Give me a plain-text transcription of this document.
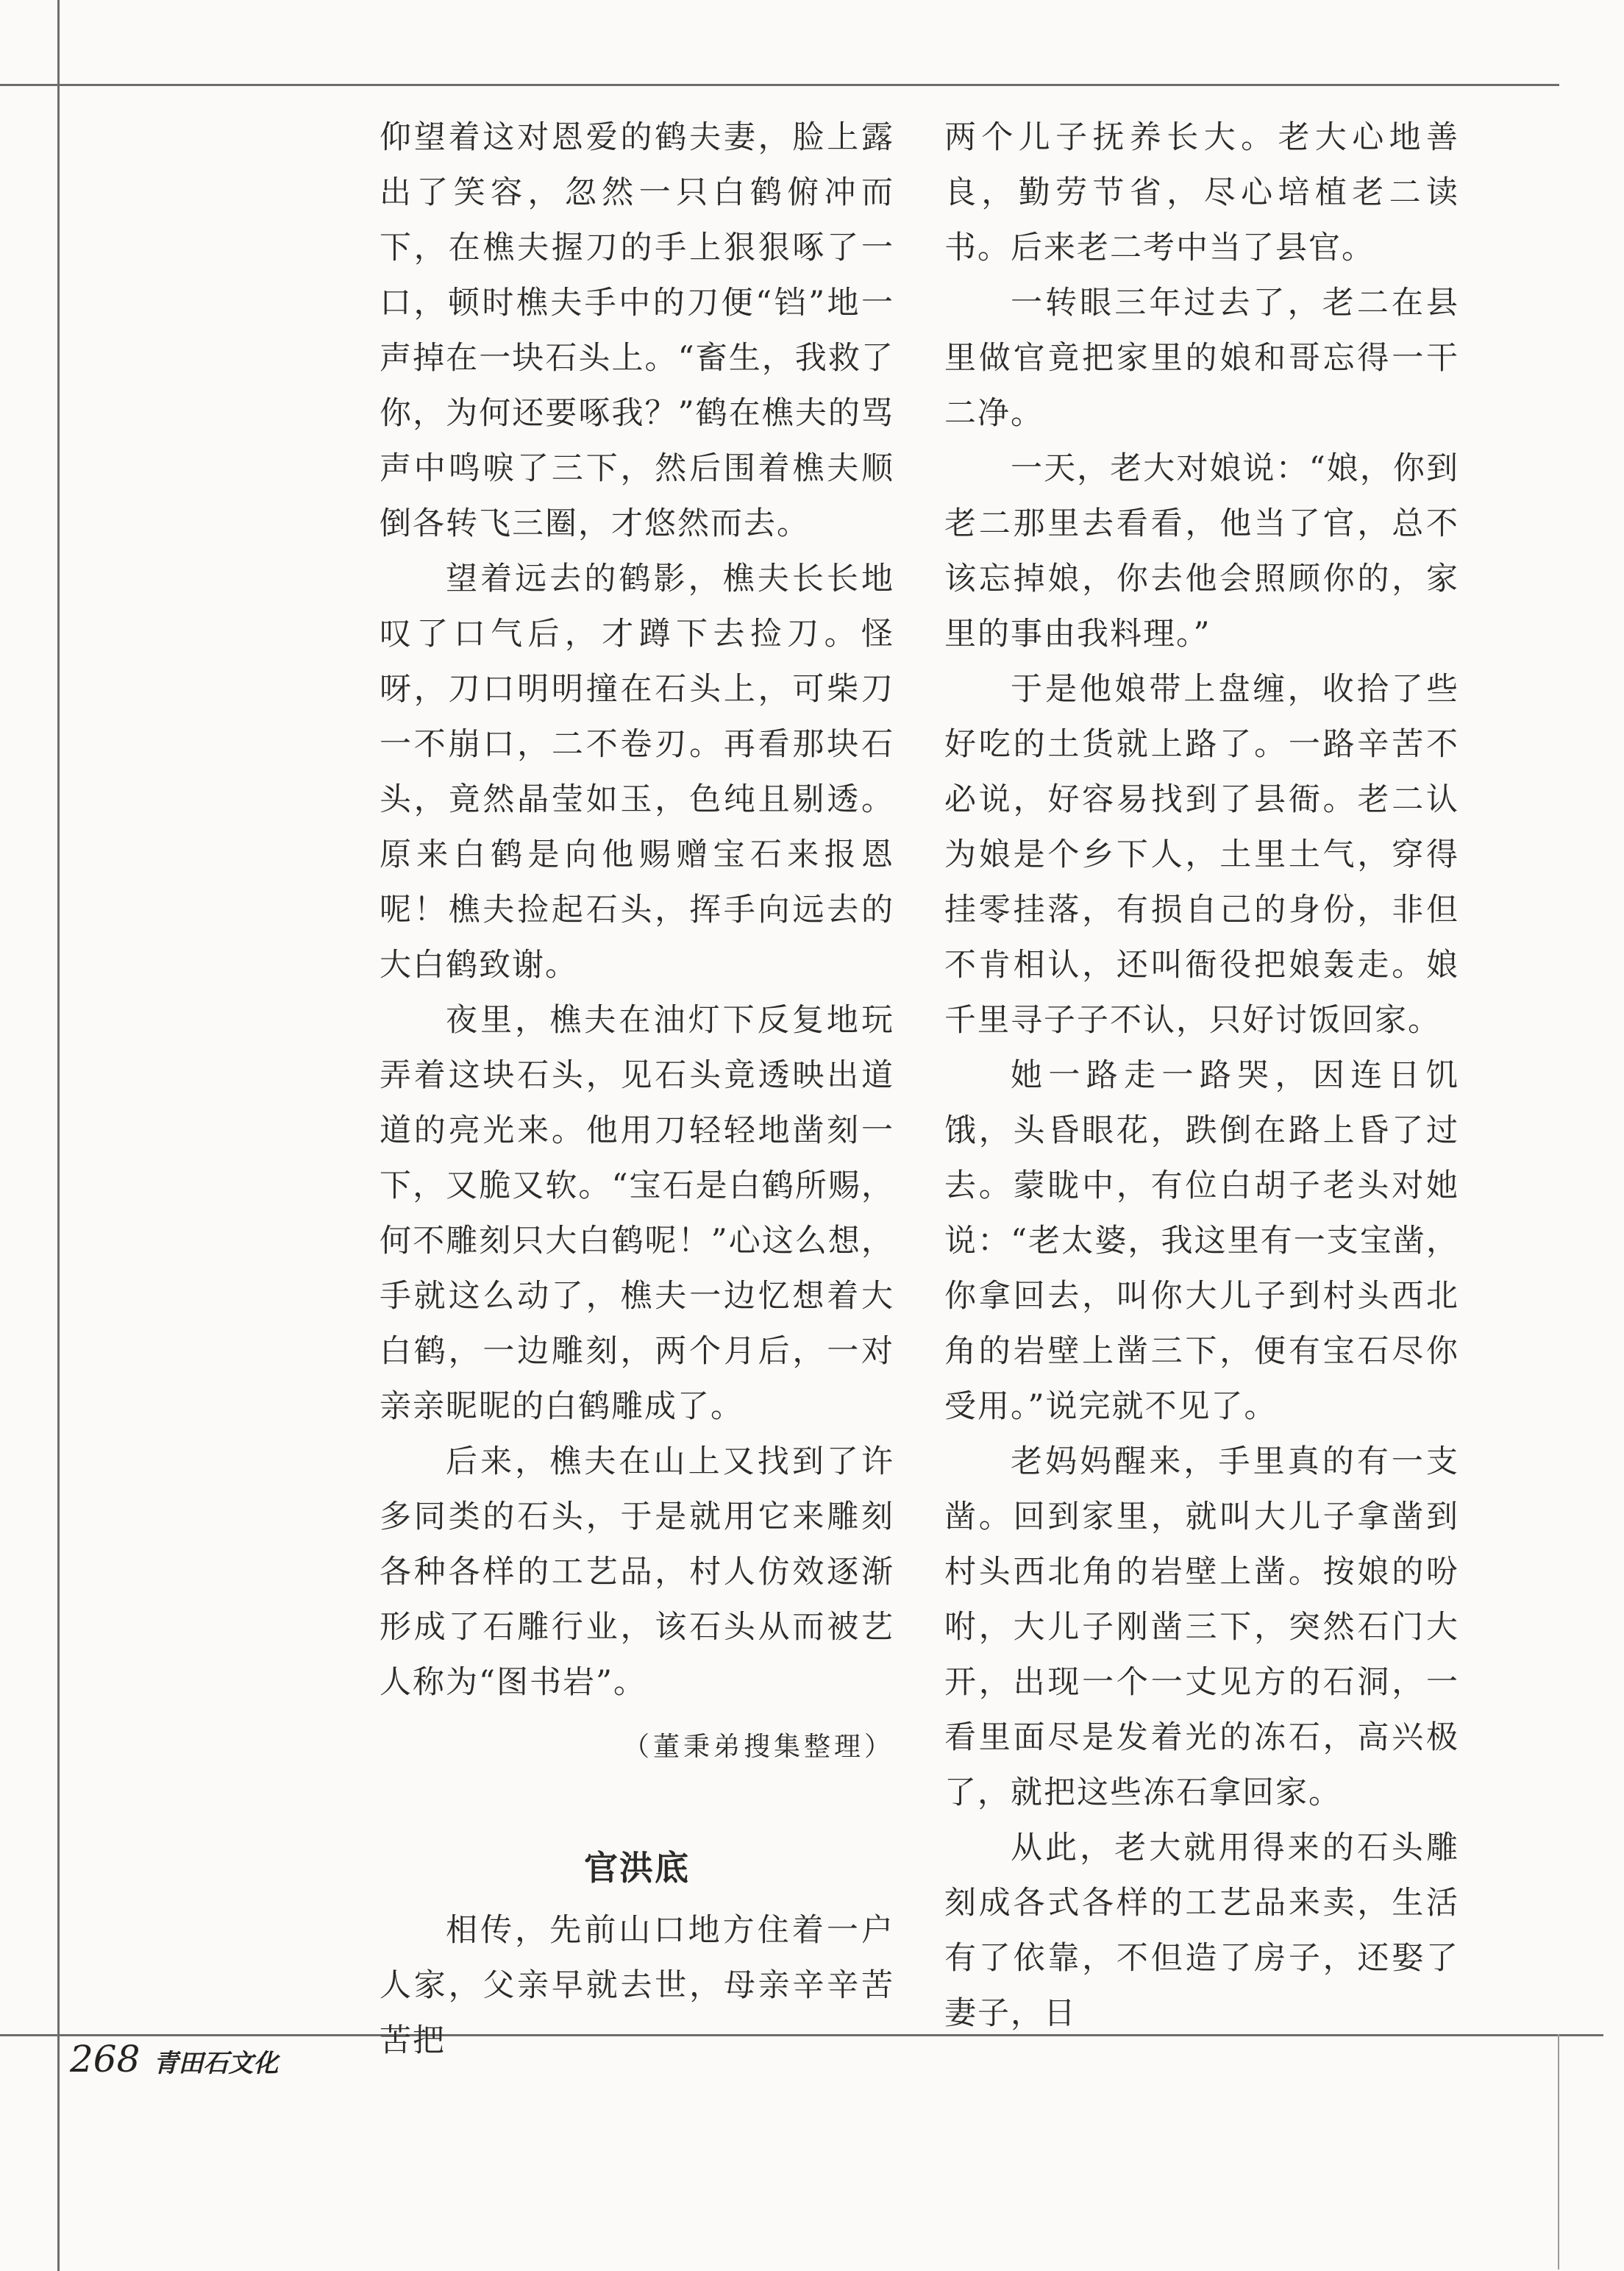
仰望着这对恩爱的鹤夫妻，脸上露出了笑容，忽然一只白鹤俯冲而下，在樵夫握刀的手上狠狠啄了一口，顿时樵夫手中的刀便“铛”地一声掉在一块石头上。“畜生，我救了你，为何还要啄我？”鹤在樵夫的骂声中鸣唳了三下，然后围着樵夫顺倒各转飞三圈，才悠然而去。

望着远去的鹤影，樵夫长长地叹了口气后，才蹲下去捡刀。怪呀，刀口明明撞在石头上，可柴刀一不崩口，二不卷刃。再看那块石头，竟然晶莹如玉，色纯且剔透。原来白鹤是向他赐赠宝石来报恩呢！樵夫捡起石头，挥手向远去的大白鹤致谢。

夜里，樵夫在油灯下反复地玩弄着这块石头，见石头竟透映出道道的亮光来。他用刀轻轻地凿刻一下，又脆又软。“宝石是白鹤所赐，何不雕刻只大白鹤呢！”心这么想，手就这么动了，樵夫一边忆想着大白鹤，一边雕刻，两个月后，一对亲亲昵昵的白鹤雕成了。

后来，樵夫在山上又找到了许多同类的石头，于是就用它来雕刻各种各样的工艺品，村人仿效逐渐形成了石雕行业，该石头从而被艺人称为“图书岩”。

（董秉弟搜集整理）

官洪底

相传，先前山口地方住着一户人家，父亲早就去世，母亲辛辛苦苦把

两个儿子抚养长大。老大心地善良，勤劳节省，尽心培植老二读书。后来老二考中当了县官。

一转眼三年过去了，老二在县里做官竟把家里的娘和哥忘得一干二净。

一天，老大对娘说：“娘，你到老二那里去看看，他当了官，总不该忘掉娘，你去他会照顾你的，家里的事由我料理。”

于是他娘带上盘缠，收拾了些好吃的土货就上路了。一路辛苦不必说，好容易找到了县衙。老二认为娘是个乡下人，土里土气，穿得挂零挂落，有损自己的身份，非但不肯相认，还叫衙役把娘轰走。娘千里寻子子不认，只好讨饭回家。

她一路走一路哭，因连日饥饿，头昏眼花，跌倒在路上昏了过去。蒙眬中，有位白胡子老头对她说：“老太婆，我这里有一支宝凿，你拿回去，叫你大儿子到村头西北角的岩壁上凿三下，便有宝石尽你受用。”说完就不见了。

老妈妈醒来，手里真的有一支凿。回到家里，就叫大儿子拿凿到村头西北角的岩壁上凿。按娘的吩咐，大儿子刚凿三下，突然石门大开，出现一个一丈见方的石洞，一看里面尽是发着光的冻石，高兴极了，就把这些冻石拿回家。

从此，老大就用得来的石头雕刻成各式各样的工艺品来卖，生活有了依靠，不但造了房子，还娶了妻子，日

268 青田石文化
